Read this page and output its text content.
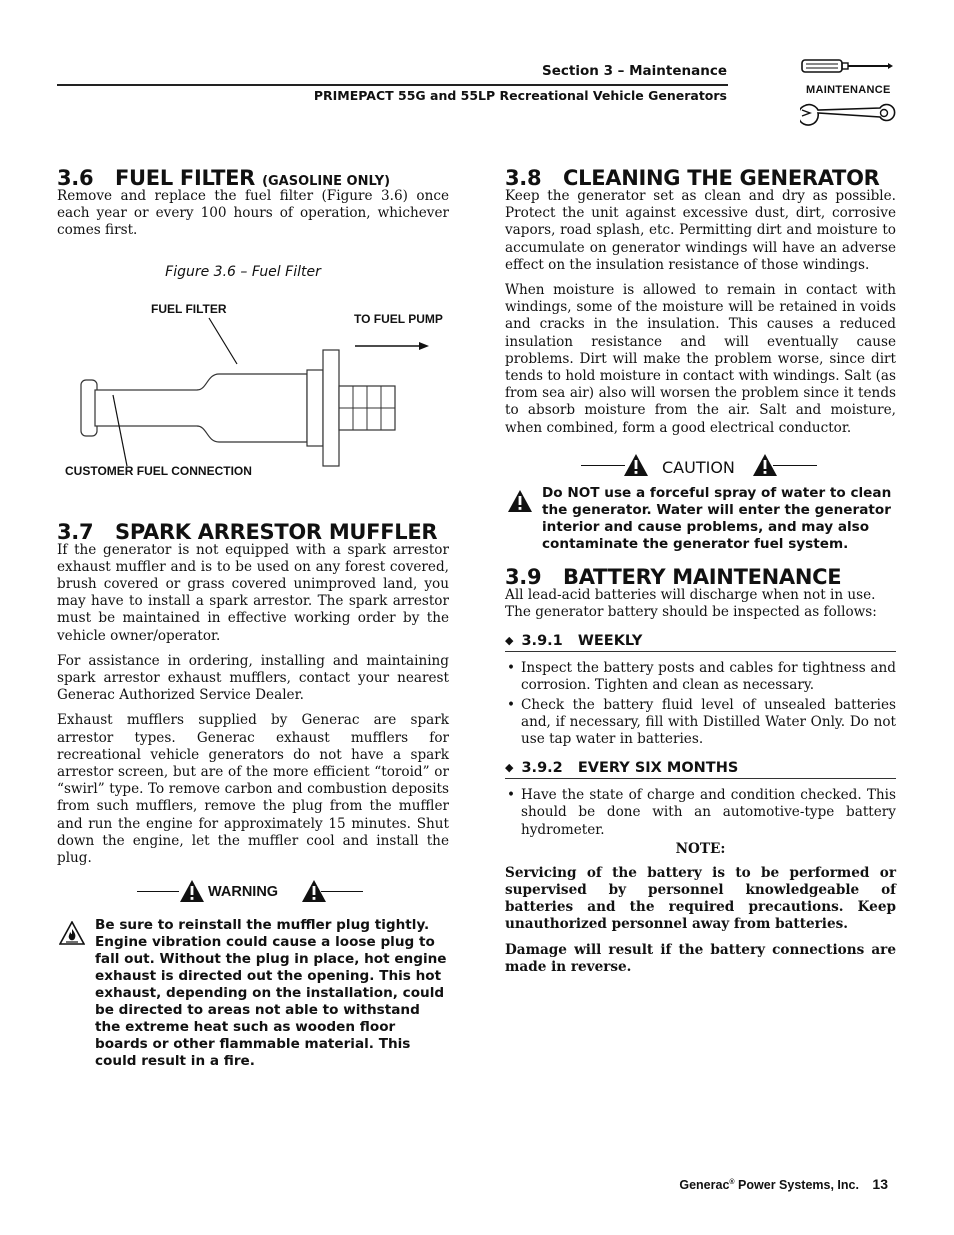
Section 3 – Maintenance
PRIMEPACT 55G and 55LP Recreational Vehicle Generators	MAINTENANCE
3.6 FUEL FILTER (GASOLINE ONLY)

Remove and replace the fuel filter (Figure 3.6) once each year or every 100 hours of operation, whichever comes first.

Figure 3.6 – Fuel Filter
FUEL FILTER
TO FUEL PUMP
CUSTOMER FUEL CONNECTION
3.7 SPARK ARRESTOR MUFFLER

If the generator is not equipped with a spark arrestor exhaust muffler and is to be used on any forest covered, brush covered or grass covered unimproved land, you may have to install a spark arrestor. The spark arrestor must be maintained in effective working order by the vehicle owner/operator.

For assistance in ordering, installing and maintaining spark arrestor exhaust mufflers, contact your nearest Generac Authorized Service Dealer.

Exhaust mufflers supplied by Generac are spark arrestor types. Generac exhaust mufflers for recreational vehicle generators do not have a spark arrestor screen, but are of the more efficient “toroid” or “swirl” type. To remove carbon and combustion deposits from such mufflers, remove the plug from the muffler and run the engine for approximately 15 minutes. Shut down the engine, let the muffler cool and install the plug.

WARNING

Be sure to reinstall the muffler plug tightly. Engine vibration could cause a loose plug to fall out. Without the plug in place, hot engine exhaust is directed out the opening. This hot exhaust, depending on the installation, could be directed to areas not able to withstand the extreme heat such as wooden floor boards or other flammable material. This could result in a fire.

3.8 CLEANING THE GENERATOR

Keep the generator set as clean and dry as possible. Protect the unit against excessive dust, dirt, corrosive vapors, road splash, etc. Permitting dirt and moisture to accumulate on generator windings will have an adverse effect on the insulation resistance of those windings.

When moisture is allowed to remain in contact with windings, some of the moisture will be retained in voids and cracks in the insulation. This causes a reduced insulation resistance and will eventually cause problems. Dirt will make the problem worse, since dirt tends to hold moisture in contact with windings. Salt (as from sea air) also will worsen the problem since it tends to absorb moisture from the air. Salt and moisture, when combined, form a good electrical conductor.

CAUTION

Do NOT use a forceful spray of water to clean the generator. Water will enter the generator interior and cause problems, and may also contaminate the generator fuel system.

3.9 BATTERY MAINTENANCE

All lead-acid batteries will discharge when not in use. The generator battery should be inspected as follows:

◆ 3.9.1   WEEKLY
• Inspect the battery posts and cables for tightness and corrosion. Tighten and clean as necessary.
• Check the battery fluid level of unsealed batteries and, if necessary, fill with Distilled Water Only. Do not use tap water in batteries.
◆ 3.9.2   EVERY SIX MONTHS
• Have the state of charge and condition checked. This should be done with an automotive-type battery hydrometer.
NOTE:

Servicing of the battery is to be performed or supervised by personnel knowledgeable of batteries and the required precautions. Keep unauthorized personnel away from batteries.

Damage will result if the battery connections are made in reverse.

Generac® Power Systems, Inc. 13
